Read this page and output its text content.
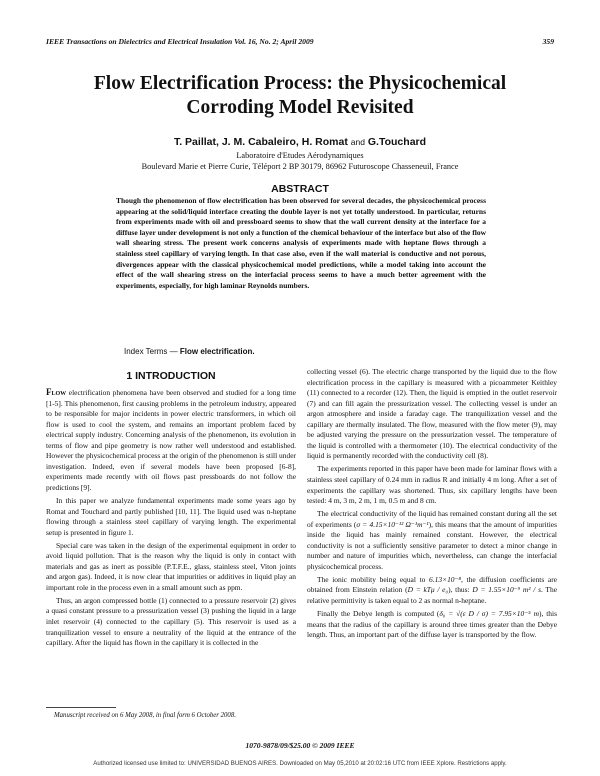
IEEE Transactions on Dielectrics and Electrical Insulation Vol. 16, No. 2; April 2009	359
Flow Electrification Process: the Physicochemical
Corroding Model Revisited
T. Paillat, J. M. Cabaleiro, H. Romat and G.Touchard
Laboratoire d'Etudes Aérodynamiques
Boulevard Marie et Pierre Curie, Téléport 2 BP 30179, 86962 Futuroscope Chasseneuil, France
ABSTRACT
Though the phenomenon of flow electrification has been observed for several decades, the physicochemical process appearing at the solid/liquid interface creating the double layer is not yet totally understood. In particular, returns from experiments made with oil and pressboard seems to show that the wall current density at the interface for a diffuse layer under development is not only a function of the chemical behaviour of the interface but also of the flow wall shearing stress. The present work concerns analysis of experiments made with heptane flows through a stainless steel capillary of varying length. In that case also, even if the wall material is conductive and not porous, divergences appear with the classical physicochemical model predictions, while a model taking into account the effect of the wall shearing stress on the interfacial process seems to have a much better agreement with the experiments, especially, for high laminar Reynolds numbers.
Index Terms — Flow electrification.
1 INTRODUCTION

Flow electrification phenomena have been observed and studied for a long time [1-5]. This phenomenon, first causing problems in the petroleum industry, appeared to be responsible for major incidents in power electric transformers, in which oil flow is used to cool the system, and remains an important problem faced by electrical supply industry. Concerning analysis of the phenomenon, its evolution in terms of flow and pipe geometry is now rather well understood and established. However the physicochemical process at the origin of the phenomenon is still under investigation. Indeed, even if several models have been proposed [6-8], experiments made recently with oil flows past pressboards do not follow the predictions [9].

In this paper we analyze fundamental experiments made some years ago by Romat and Touchard and partly published [10, 11]. The liquid used was n-heptane flowing through a stainless steel capillary of varying length. The experimental setup is presented in figure 1.

Special care was taken in the design of the experimental equipment in order to avoid liquid pollution. That is the reason why the liquid is only in contact with materials and gas as inert as possible (P.T.F.E., glass, stainless steel, Viton joints and argon gas). Indeed, it is now clear that impurities or additives in liquid play an important role in the process even in a small amount such as ppm.

Thus, an argon compressed bottle (1) connected to a pressure reservoir (2) gives a quasi constant pressure to a pressurization vessel (3) pushing the liquid in a large inlet reservoir (4) connected to the capillary (5). This reservoir is used as a tranquilization vessel to ensure a neutrality of the liquid at the entrance of the capillary. After the liquid has flown in the capillary it is collected in the

collecting vessel (6). The electric charge transported by the liquid due to the flow electrification process in the capillary is measured with a picoammeter Keithley (11) connected to a recorder (12). Then, the liquid is emptied in the outlet reservoir (7) and can fill again the pressurization vessel. The collecting vessel is under an argon atmosphere and inside a faraday cage. The tranquilization vessel and the capillary are thermally insulated. The flow, measured with the flow meter (9), may be adjusted varying the pressure on the pressurization vessel. The temperature of the liquid is controlled with a thermometer (10). The electrical conductivity of the liquid is permanently recorded with the conductivity cell (8).

The experiments reported in this paper have been made for laminar flows with a stainless steel capillary of 0.24 mm in radius R and initially 4 m long. After a set of experiments the capillary was shortened. Thus, six capillary lengths have been tested: 4 m, 3 m, 2 m, 1 m, 0.5 m and 8 cm.

The electrical conductivity of the liquid has remained constant during all the set of experiments (σ = 4.15×10⁻¹² Ω⁻¹m⁻¹), this means that the amount of impurities inside the liquid has mainly remained constant. However, the electrical conductivity is not a sufficiently sensitive parameter to detect a minor change in number and nature of impurities which, nevertheless, can change the interfacial physicochemical process.

The ionic mobility being equal to 6.13×10⁻⁸, the diffusion coefficients are obtained from Einstein relation (D = kTμ / e₀), thus: D = 1.55×10⁻⁹ m² / s. The relative permittivity is taken equal to 2 as normal n-heptane.

Finally the Debye length is computed (δ₀ = √(ε D / σ) = 7.95×10⁻⁵ m), this means that the radius of the capillary is around three times greater than the Debye length. Thus, an important part of the diffuse layer is transported by the flow.

Manuscript received on 6 May 2008, in final form 6 October 2008.
1070-9878/09/$25.00 © 2009 IEEE
Authorized licensed use limited to: UNIVERSIDAD BUENOS AIRES. Downloaded on May 05,2010 at 20:02:16 UTC from IEEE Xplore. Restrictions apply.
